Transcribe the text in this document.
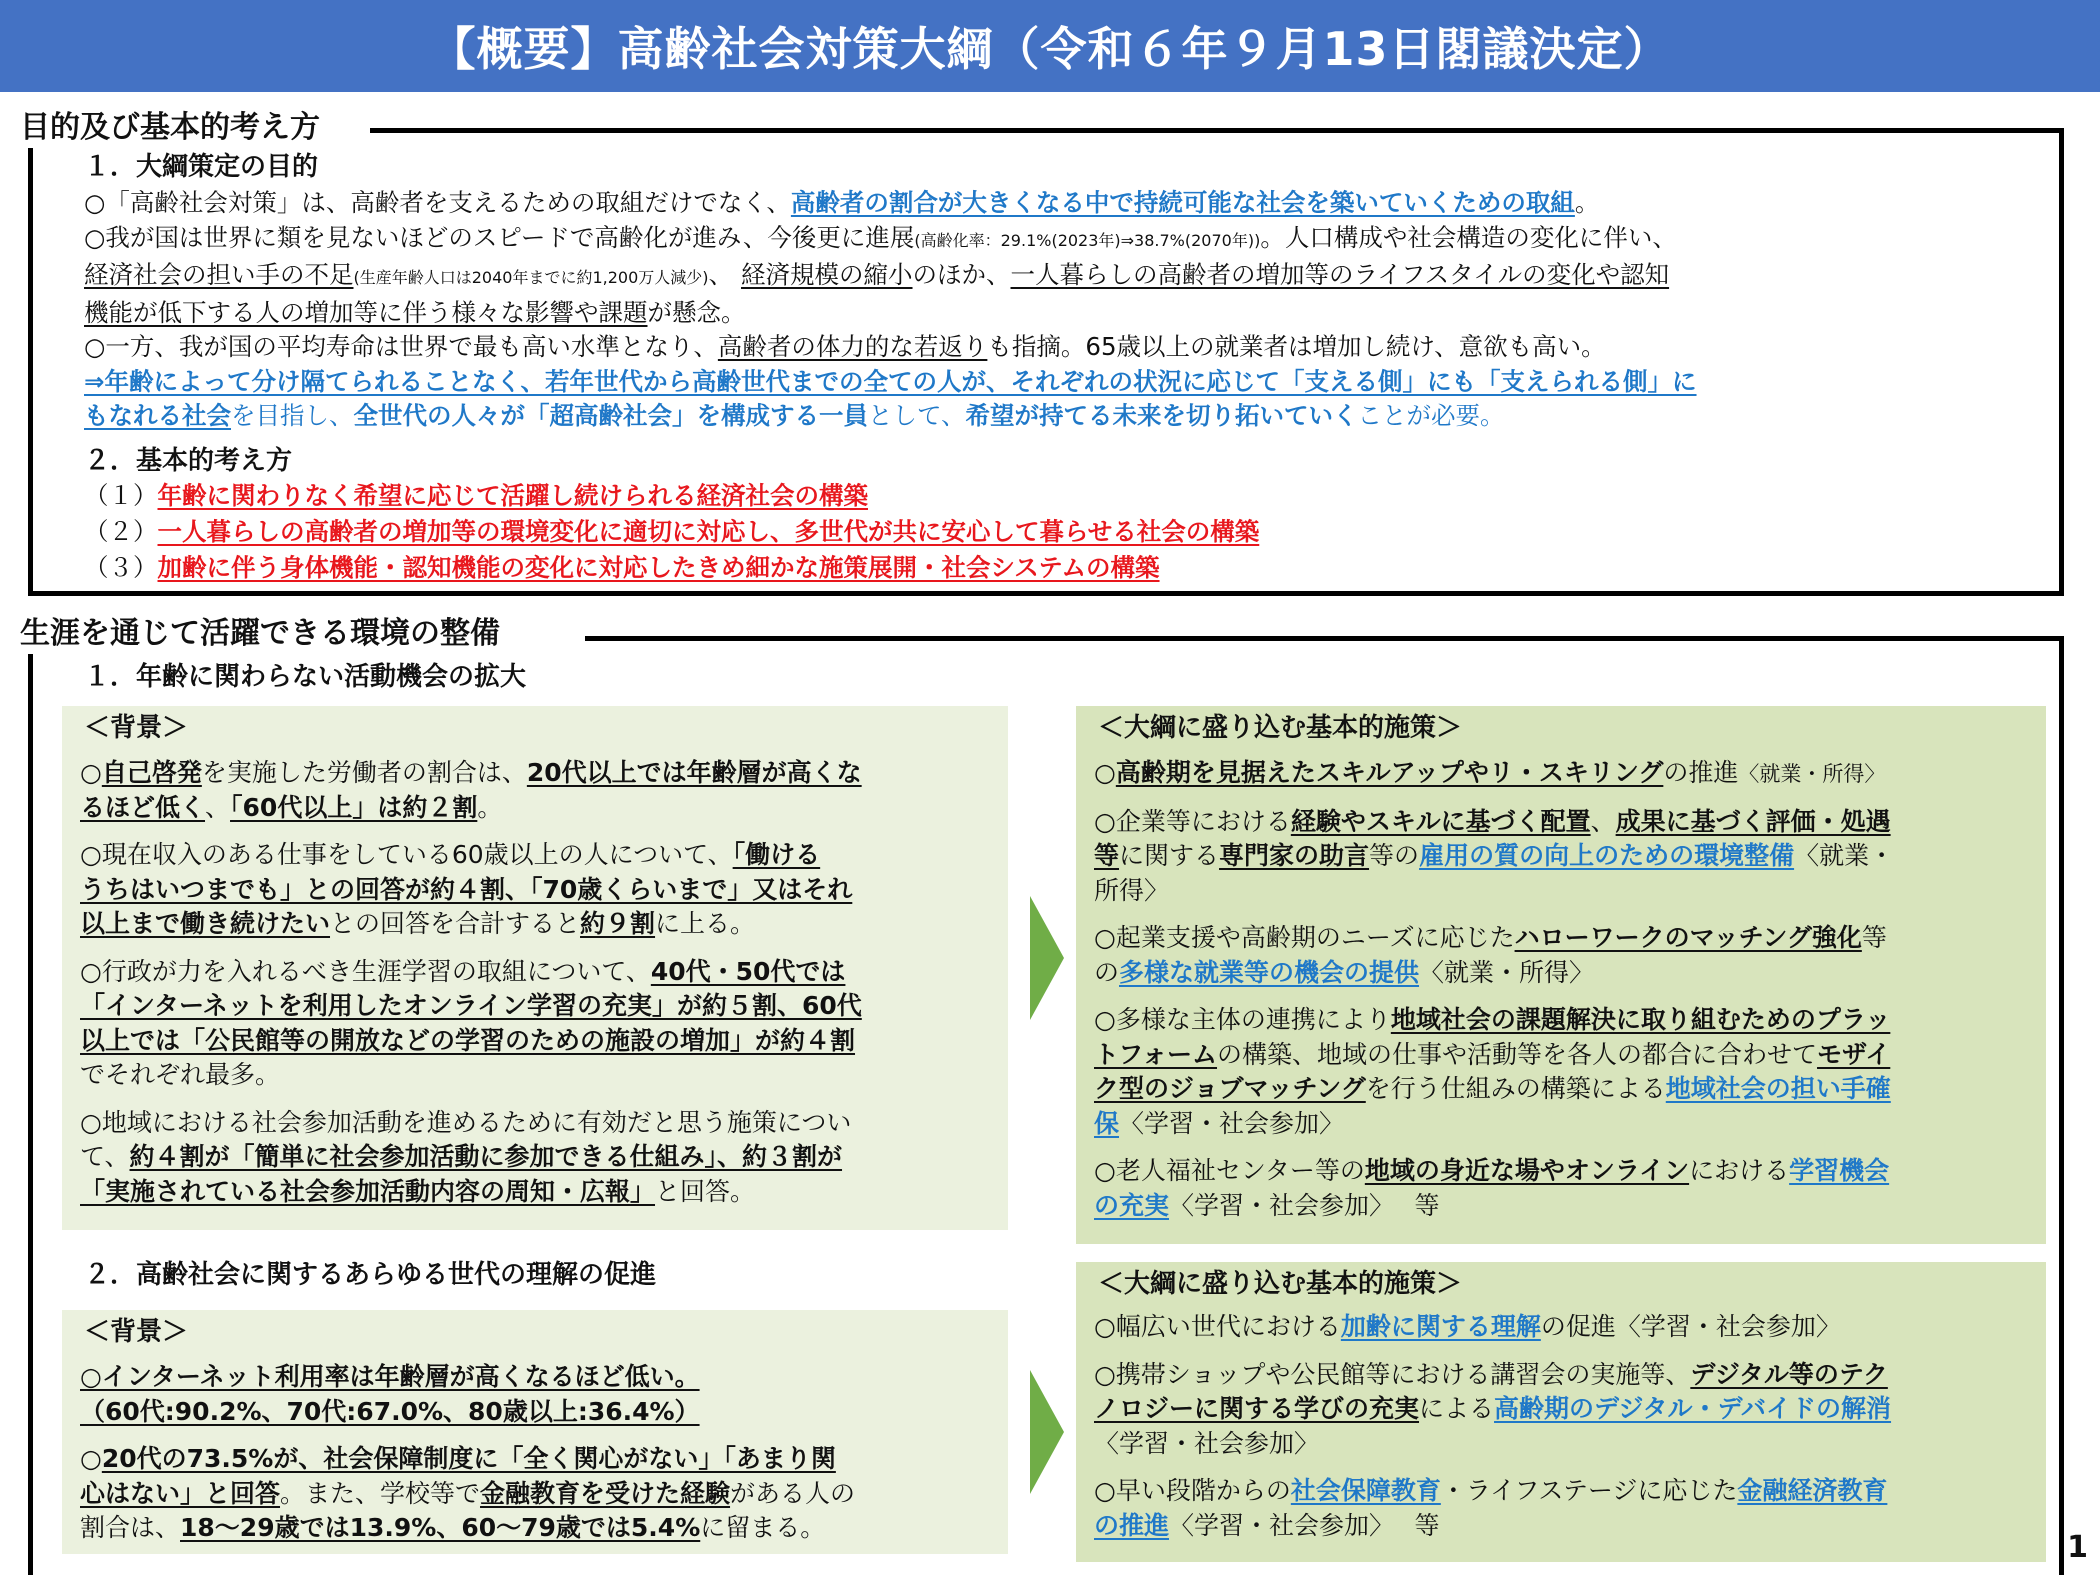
【概要】高齢社会対策大綱（令和６年９月13日閣議決定）
目的及び基本的考え方
１．大綱策定の目的

○「高齢社会対策」は、高齢者を支えるための取組だけでなく、高齢者の割合が大きくなる中で持続可能な社会を築いていくための取組。

○我が国は世界に類を見ないほどのスピードで高齢化が進み、今後更に進展(高齢化率：29.1%(2023年)⇒38.7%(2070年))。人口構成や社会構造の変化に伴い、

経済社会の担い手の不足(生産年齢人口は2040年までに約1,200万人減少)、 経済規模の縮小のほか、一人暮らしの高齢者の増加等のライフスタイルの変化や認知

機能が低下する人の増加等に伴う様々な影響や課題が懸念。

○一方、我が国の平均寿命は世界で最も高い水準となり、高齢者の体力的な若返りも指摘。65歳以上の就業者は増加し続け、意欲も高い。

⇒年齢によって分け隔てられることなく、若年世代から高齢世代までの全ての人が、それぞれの状況に応じて「支える側」にも「支えられる側」に

もなれる社会を目指し、全世代の人々が「超高齢社会」を構成する一員として、希望が持てる未来を切り拓いていくことが必要。

２．基本的考え方

（１）年齢に関わりなく希望に応じて活躍し続けられる経済社会の構築

（２）一人暮らしの高齢者の増加等の環境変化に適切に対応し、多世代が共に安心して暮らせる社会の構築

（３）加齢に伴う身体機能・認知機能の変化に対応したきめ細かな施策展開・社会システムの構築

生涯を通じて活躍できる環境の整備
１．年齢に関わらない活動機会の拡大
＜背景＞

○自己啓発を実施した労働者の割合は、20代以上では年齢層が高くな

るほど低く、「60代以上」は約２割。

○現在収入のある仕事をしている60歳以上の人について、「働ける

うちはいつまでも」との回答が約４割、「70歳くらいまで」又はそれ

以上まで働き続けたいとの回答を合計すると約９割に上る。

○行政が力を入れるべき生涯学習の取組について、40代・50代では

「インターネットを利用したオンライン学習の充実」が約５割、60代

以上では「公民館等の開放などの学習のための施設の増加」が約４割

でそれぞれ最多。

○地域における社会参加活動を進めるために有効だと思う施策につい

て、約４割が「簡単に社会参加活動に参加できる仕組み」、約３割が

「実施されている社会参加活動内容の周知・広報」と回答。

＜大綱に盛り込む基本的施策＞

○高齢期を見据えたスキルアップやリ・スキリングの推進〈就業・所得〉

○企業等における経験やスキルに基づく配置、成果に基づく評価・処遇

等に関する専門家の助言等の雇用の質の向上のための環境整備〈就業・

所得〉

○起業支援や高齢期のニーズに応じたハローワークのマッチング強化等

の多様な就業等の機会の提供〈就業・所得〉

○多様な主体の連携により地域社会の課題解決に取り組むためのプラッ

トフォームの構築、地域の仕事や活動等を各人の都合に合わせてモザイ

ク型のジョブマッチングを行う仕組みの構築による地域社会の担い手確

保〈学習・社会参加〉

○老人福祉センター等の地域の身近な場やオンラインにおける学習機会

の充実〈学習・社会参加〉　 等

２．高齢社会に関するあらゆる世代の理解の促進
＜背景＞

○インターネット利用率は年齢層が高くなるほど低い。

（60代:90.2%、70代:67.0%、80歳以上:36.4%）

○20代の73.5%が、社会保障制度に「全く関心がない」「あまり関

心はない」と回答。また、学校等で金融教育を受けた経験がある人の

割合は、18～29歳では13.9%、60～79歳では5.4%に留まる。

＜大綱に盛り込む基本的施策＞

○幅広い世代における加齢に関する理解の促進〈学習・社会参加〉

○携帯ショップや公民館等における講習会の実施等、デジタル等のテク

ノロジーに関する学びの充実による高齢期のデジタル・デバイドの解消

〈学習・社会参加〉

○早い段階からの社会保障教育・ライフステージに応じた金融経済教育

の推進〈学習・社会参加〉　 等

1
